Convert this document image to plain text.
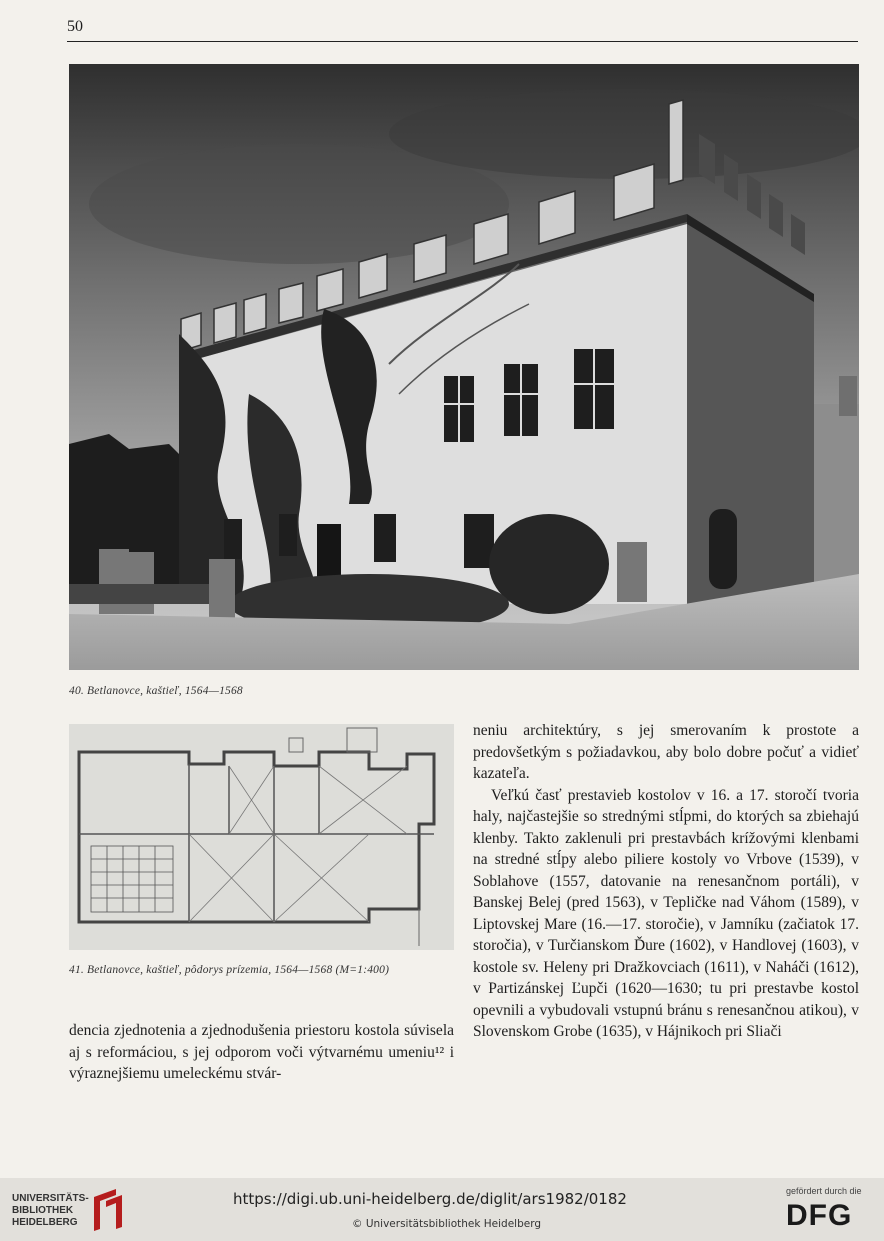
50
40. Betlanovce, kaštieľ, 1564—1568
41. Betlanovce, kaštieľ, pôdorys prízemia, 1564—1568 (M=1:400)

neniu architektúry, s jej smerovaním k prostote a predovšetkým s požiadavkou, aby bolo dobre počuť a vidieť kazateľa.

Veľkú časť prestavieb kostolov v 16. a 17. storočí tvoria haly, najčastejšie so strednými stĺpmi, do ktorých sa zbiehajú klenby. Takto zaklenuli pri prestavbách krížovými klenbami na stredné stĺpy alebo piliere kostoly vo Vrbove (1539), v Soblahove (1557, datovanie na renesančnom portáli), v Banskej Belej (pred 1563), v Tepličke nad Váhom (1589), v Liptovskej Mare (16.—17. storočie), v Jamníku (začiatok 17. storočia), v Turčianskom Ďure (1602), v Handlovej (1603), v kostole sv. Heleny pri Dražkovciach (1611), v Naháči (1612), v Partizánskej Ľupči (1620—1630; tu pri prestavbe kostol opevnili a vybudovali vstupnú bránu s renesančnou atikou), v Slovenskom Grobe (1635), v Hájnikoch pri Sliači

dencia zjednotenia a zjednodušenia priestoru kostola súvisela aj s reformáciou, s jej odporom voči výtvarnému umeniu¹² i výraznejšiemu umeleckému stvár-

UNIVERSITÄTS-
BIBLIOTHEK
HEIDELBERG
https://digi.ub.uni-heidelberg.de/diglit/ars1982/0182
© Universitätsbibliothek Heidelberg
gefördert durch die
DFG
